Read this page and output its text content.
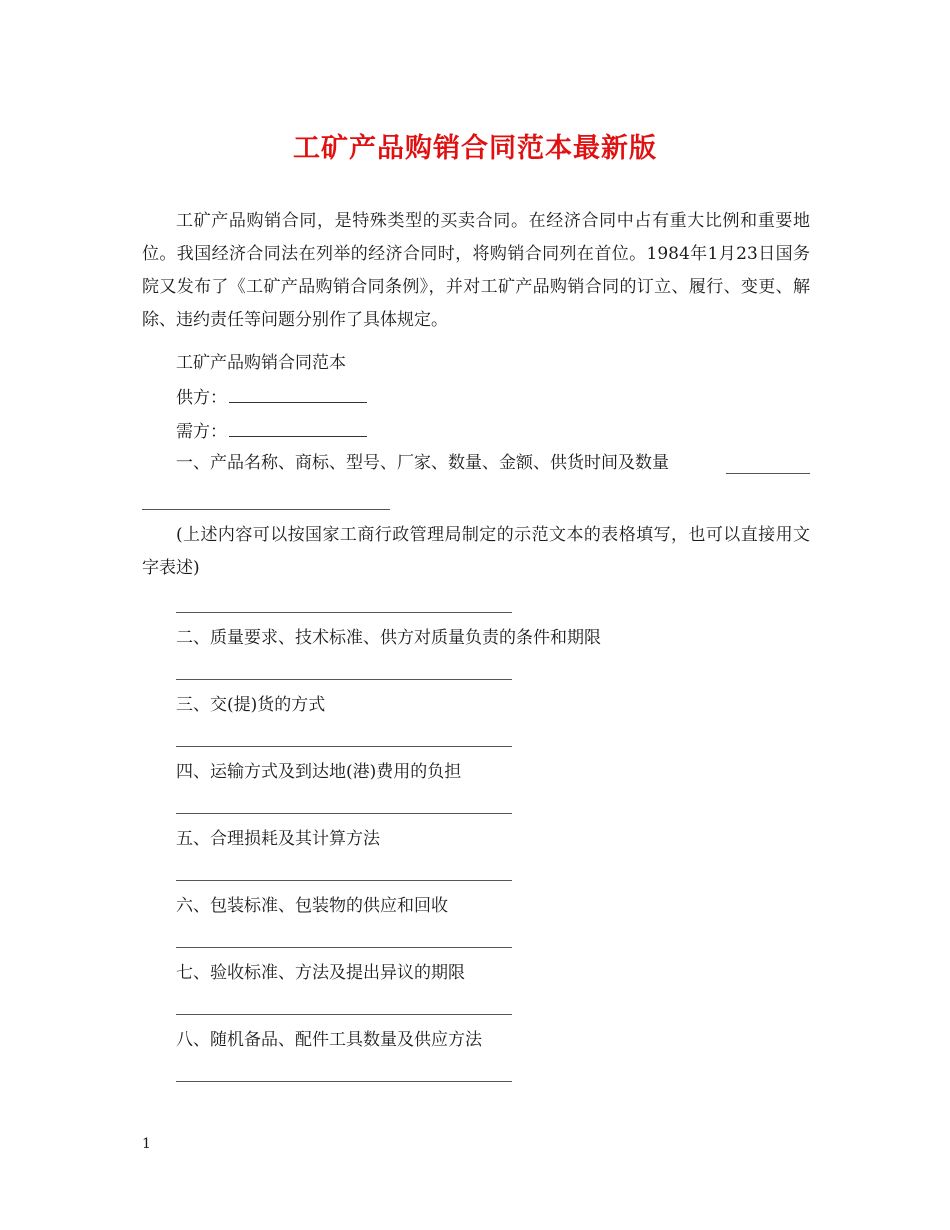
工矿产品购销合同范本最新版
工矿产品购销合同，是特殊类型的买卖合同。在经济合同中占有重大比例和重要地位。我国经济合同法在列举的经济合同时，将购销合同列在首位。1984年1月23日国务院又发布了《工矿产品购销合同条例》，并对工矿产品购销合同的订立、履行、变更、解除、违约责任等问题分别作了具体规定。
工矿产品购销合同范本
供方：
需方：
一、产品名称、商标、型号、厂家、数量、金额、供货时间及数量
(上述内容可以按国家工商行政管理局制定的示范文本的表格填写，也可以直接用文字表述)
二、质量要求、技术标准、供方对质量负责的条件和期限
三、交(提)货的方式
四、运输方式及到达地(港)费用的负担
五、合理损耗及其计算方法
六、包装标准、包装物的供应和回收
七、验收标准、方法及提出异议的期限
八、随机备品、配件工具数量及供应方法
1
